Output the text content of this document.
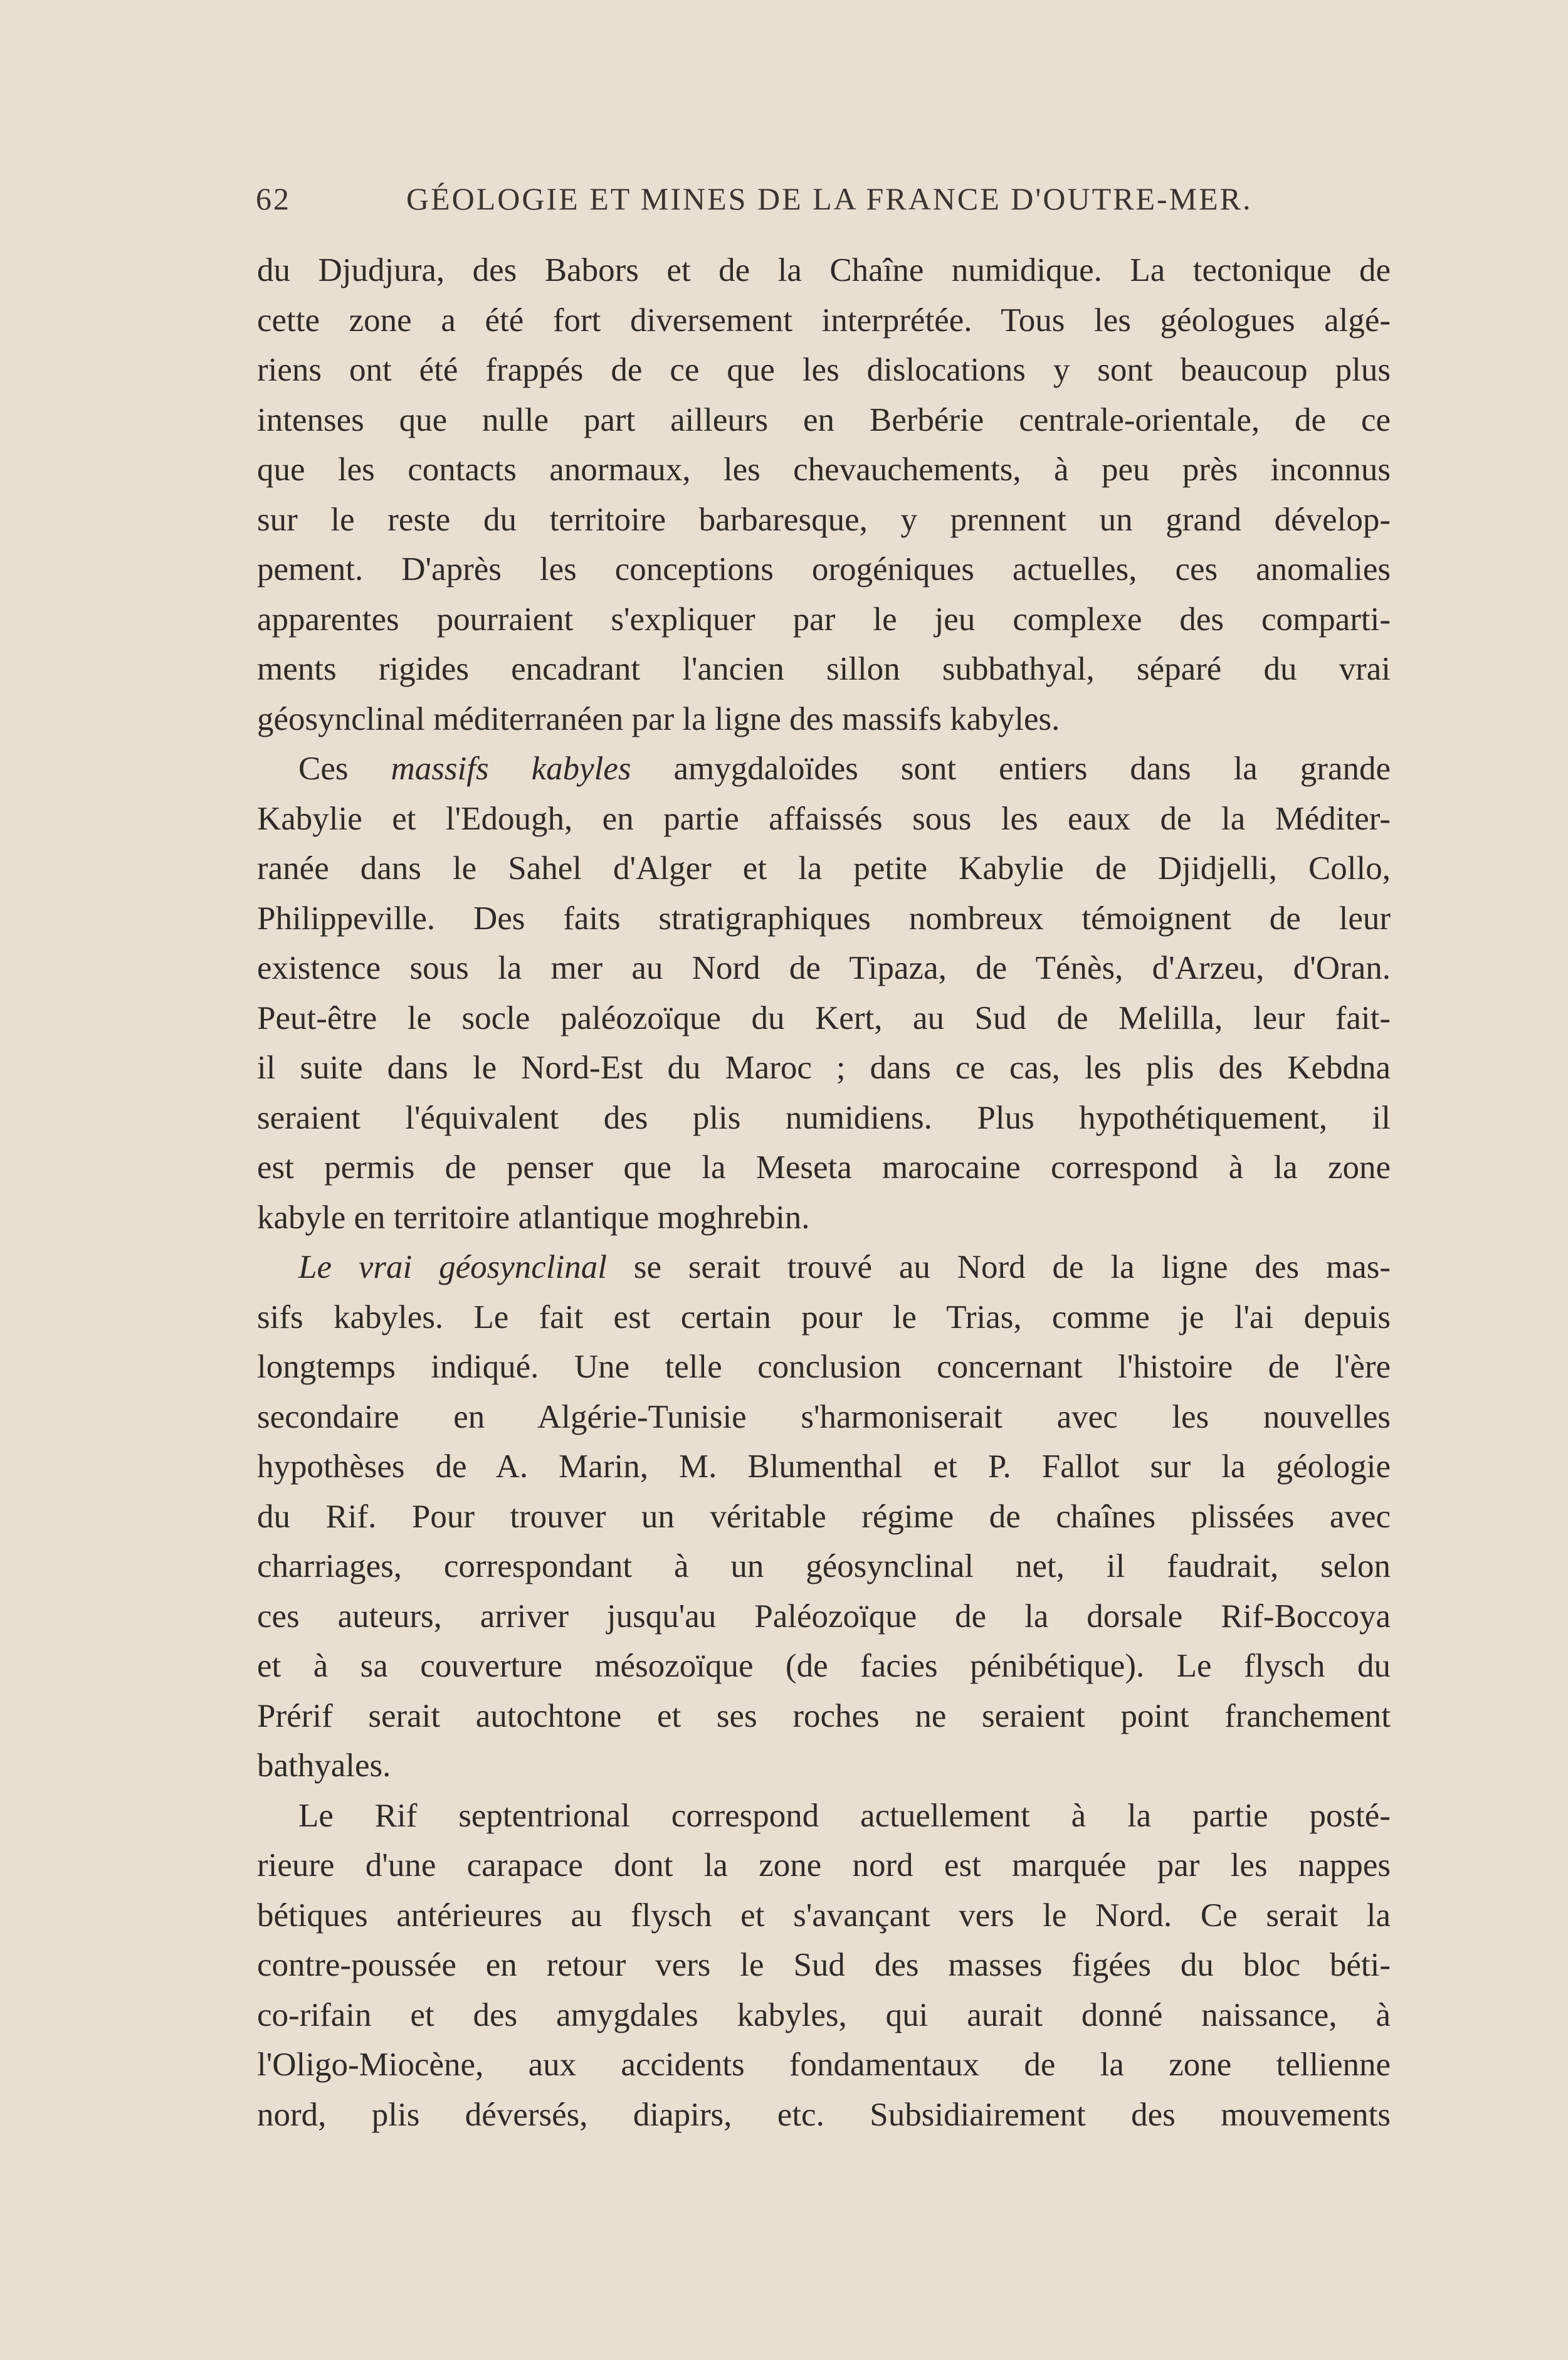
62	GÉOLOGIE ET MINES DE LA FRANCE D'OUTRE-MER.
du Djudjura, des Babors et de la Chaîne numidique. La tectonique de
cette zone a été fort diversement interprétée. Tous les géologues algé-
riens ont été frappés de ce que les dislocations y sont beaucoup plus
intenses que nulle part ailleurs en Berbérie centrale-orientale, de ce
que les contacts anormaux, les chevauchements, à peu près inconnus
sur le reste du territoire barbaresque, y prennent un grand dévelop-
pement. D'après les conceptions orogéniques actuelles, ces anomalies
apparentes pourraient s'expliquer par le jeu complexe des comparti-
ments rigides encadrant l'ancien sillon subbathyal, séparé du vrai
géosynclinal méditerranéen par la ligne des massifs kabyles.
Ces massifs kabyles amygdaloïdes sont entiers dans la grande
Kabylie et l'Edough, en partie affaissés sous les eaux de la Méditer-
ranée dans le Sahel d'Alger et la petite Kabylie de Djidjelli, Collo,
Philippeville. Des faits stratigraphiques nombreux témoignent de leur
existence sous la mer au Nord de Tipaza, de Ténès, d'Arzeu, d'Oran.
Peut-être le socle paléozoïque du Kert, au Sud de Melilla, leur fait-
il suite dans le Nord-Est du Maroc ; dans ce cas, les plis des Kebdna
seraient l'équivalent des plis numidiens. Plus hypothétiquement, il
est permis de penser que la Meseta marocaine correspond à la zone
kabyle en territoire atlantique moghrebin.
Le vrai géosynclinal se serait trouvé au Nord de la ligne des mas-
sifs kabyles. Le fait est certain pour le Trias, comme je l'ai depuis
longtemps indiqué. Une telle conclusion concernant l'histoire de l'ère
secondaire en Algérie-Tunisie s'harmoniserait avec les nouvelles
hypothèses de A. Marin, M. Blumenthal et P. Fallot sur la géologie
du Rif. Pour trouver un véritable régime de chaînes plissées avec
charriages, correspondant à un géosynclinal net, il faudrait, selon
ces auteurs, arriver jusqu'au Paléozoïque de la dorsale Rif-Boccoya
et à sa couverture mésozoïque (de facies pénibétique). Le flysch du
Prérif serait autochtone et ses roches ne seraient point franchement
bathyales.
Le Rif septentrional correspond actuellement à la partie posté-
rieure d'une carapace dont la zone nord est marquée par les nappes
bétiques antérieures au flysch et s'avançant vers le Nord. Ce serait la
contre-poussée en retour vers le Sud des masses figées du bloc béti-
co-rifain et des amygdales kabyles, qui aurait donné naissance, à
l'Oligo-Miocène, aux accidents fondamentaux de la zone tellienne
nord, plis déversés, diapirs, etc. Subsidiairement des mouvements
